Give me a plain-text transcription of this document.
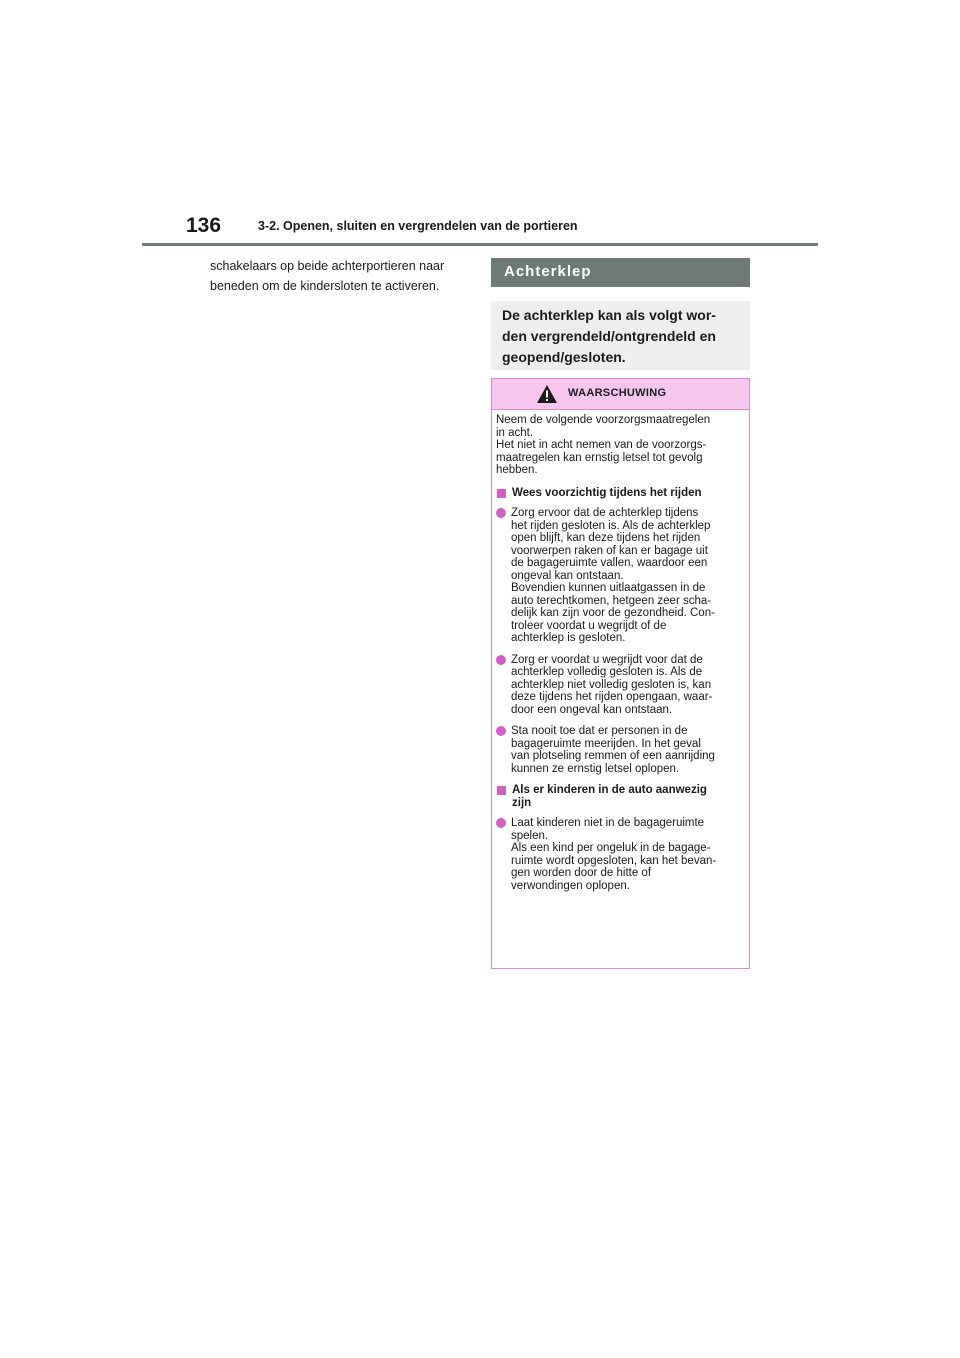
136	3-2. Openen, sluiten en vergrendelen van de portieren
schakelaars op beide achterportieren naar
beneden om de kindersloten te activeren.
Achterklep
De achterklep kan als volgt wor-
den vergrendeld/ontgrendeld en
geopend/gesloten.
WAARSCHUWING
Neem de volgende voorzorgsmaatregelen
in acht.
Het niet in acht nemen van de voorzorgs-
maatregelen kan ernstig letsel tot gevolg
hebben.
Wees voorzichtig tijdens het rijden
Zorg ervoor dat de achterklep tijdens
het rijden gesloten is. Als de achterklep
open blijft, kan deze tijdens het rijden
voorwerpen raken of kan er bagage uit
de bagageruimte vallen, waardoor een
ongeval kan ontstaan.
Bovendien kunnen uitlaatgassen in de
auto terechtkomen, hetgeen zeer scha-
delijk kan zijn voor de gezondheid. Con-
troleer voordat u wegrijdt of de
achterklep is gesloten.
Zorg er voordat u wegrijdt voor dat de
achterklep volledig gesloten is. Als de
achterklep niet volledig gesloten is, kan
deze tijdens het rijden opengaan, waar-
door een ongeval kan ontstaan.
Sta nooit toe dat er personen in de
bagageruimte meerijden. In het geval
van plotseling remmen of een aanrijding
kunnen ze ernstig letsel oplopen.
Als er kinderen in de auto aanwezig
zijn
Laat kinderen niet in de bagageruimte
spelen.
Als een kind per ongeluk in de bagage-
ruimte wordt opgesloten, kan het bevan-
gen worden door de hitte of
verwondingen oplopen.
